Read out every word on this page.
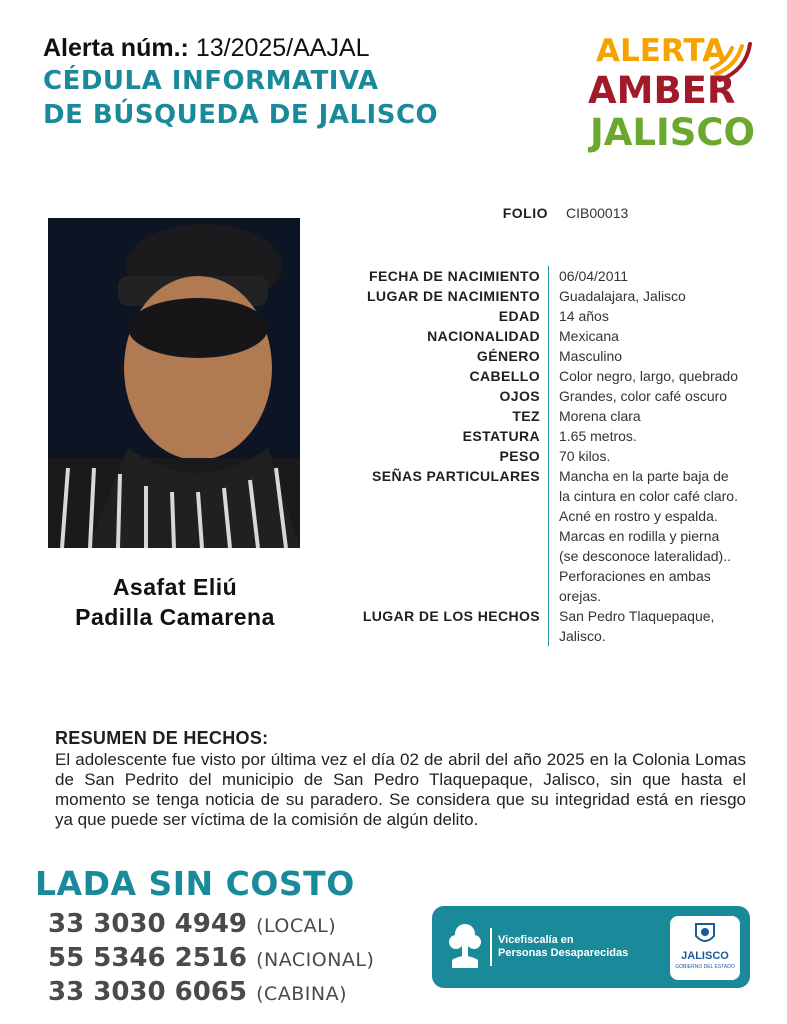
Alerta núm.: 13/2025/AAJAL
CÉDULA INFORMATIVA
DE BÚSQUEDA DE JALISCO
ALERTA
AMBER
JALISCO
Asafat Eliú
Padilla Camarena
FOLIO CIB00013
FECHA DE NACIMIENTO	06/04/2011
LUGAR DE NACIMIENTO	Guadalajara, Jalisco
EDAD	14 años
NACIONALIDAD	Mexicana
GÉNERO	Masculino
CABELLO	Color negro, largo, quebrado
OJOS	Grandes, color café oscuro
TEZ	Morena clara
ESTATURA	1.65 metros.
PESO	70 kilos.
SEÑAS PARTICULARES	Mancha en la parte baja de la cintura en color café claro. Acné en rostro y espalda. Marcas en rodilla y pierna (se desconoce lateralidad).. Perforaciones en ambas orejas.
LUGAR DE LOS HECHOS	San Pedro Tlaquepaque, Jalisco.
RESUMEN DE HECHOS:
El adolescente fue visto por última vez el día 02 de abril del año 2025 en la Colonia Lomas de San Pedrito del municipio de San Pedro Tlaquepaque, Jalisco, sin que hasta el momento se tenga noticia de su paradero. Se considera que su integridad está en riesgo ya que puede ser víctima de la comisión de algún delito.
LADA SIN COSTO
33 3030 4949 (LOCAL)
55 5346 2516 (NACIONAL)
33 3030 6065 (CABINA)
Vicefiscalía en
Personas Desaparecidas	JALISCO
GOBIERNO DEL ESTADO
